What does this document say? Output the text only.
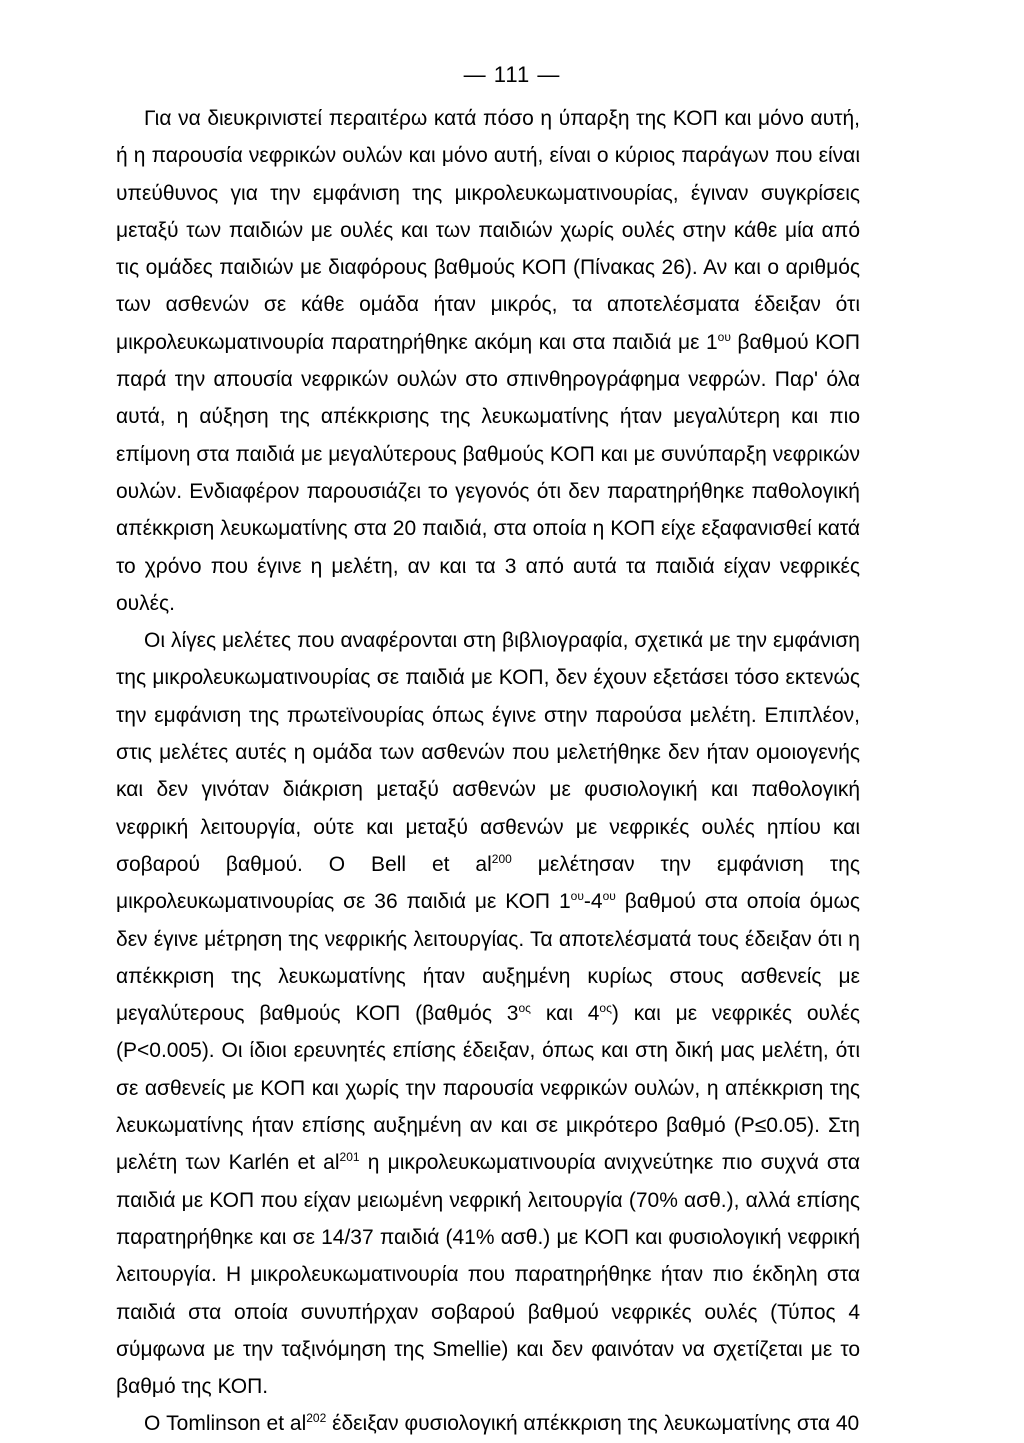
— 111 —

Για να διευκρινιστεί περαιτέρω κατά πόσο η ύπαρξη της ΚΟΠ και μόνο αυτή, ή η παρουσία νεφρικών ουλών και μόνο αυτή, είναι ο κύριος παράγων που είναι υπεύθυνος για την εμφάνιση της μικρολευκωματινουρίας, έγιναν συγκρίσεις μεταξύ των παιδιών με ουλές και των παιδιών χωρίς ουλές στην κάθε μία από τις ομάδες παιδιών με διαφόρους βαθμούς ΚΟΠ (Πίνακας 26). Αν και ο αριθμός των ασθενών σε κάθε ομάδα ήταν μικρός, τα αποτελέσματα έδειξαν ότι μικρολευκωματινουρία παρατηρήθηκε ακόμη και στα παιδιά με $1^{o\upsilon}$ βαθμού ΚΟΠ παρά την απουσία νεφρικών ουλών στο σπινθηρογράφημα νεφρών. Παρ' όλα αυτά, η αύξηση της απέκκρισης της λευκωματίνης ήταν μεγαλύτερη και πιο επίμονη στα παιδιά με μεγαλύτερους βαθμούς ΚΟΠ και με συνύπαρξη νεφρικών ουλών. Ενδιαφέρον παρουσιάζει το γεγονός ότι δεν παρατηρήθηκε παθολογική απέκκριση λευκωματίνης στα 20 παιδιά, στα οποία η ΚΟΠ είχε εξαφανισθεί κατά το χρόνο που έγινε η μελέτη, αν και τα 3 από αυτά τα παιδιά είχαν νεφρικές ουλές.

Οι λίγες μελέτες που αναφέρονται στη βιβλιογραφία, σχετικά με την εμφάνιση της μικρολευκωματινουρίας σε παιδιά με ΚΟΠ, δεν έχουν εξετάσει τόσο εκτενώς την εμφάνιση της πρωτεϊνουρίας όπως έγινε στην παρούσα μελέτη. Επιπλέον, στις μελέτες αυτές η ομάδα των ασθενών που μελετήθηκε δεν ήταν ομοιογενής και δεν γινόταν διάκριση μεταξύ ασθενών με φυσιολογική και παθολογική νεφρική λειτουργία, ούτε και μεταξύ ασθενών με νεφρικές ουλές ηπίου και σοβαρού βαθμού. Ο Bell et $al^{200}$ μελέτησαν την εμφάνιση της μικρολευκωματινουρίας σε 36 παιδιά με ΚΟΠ $1^{o\upsilon}-4^{o\upsilon}$ βαθμού στα οποία όμως δεν έγινε μέτρηση της νεφρικής λειτουργίας. Τα αποτελέσματά τους έδειξαν ότι η απέκκριση της λευκωματίνης ήταν αυξημένη κυρίως στους ασθενείς με μεγαλύτερους βαθμούς ΚΟΠ (βαθμός $3^{o\varsigma}$ και $4^{o\varsigma}$) και με νεφρικές ουλές (P<0.005). Οι ίδιοι ερευνητές επίσης έδειξαν, όπως και στη δική μας μελέτη, ότι σε ασθενείς με ΚΟΠ και χωρίς την παρουσία νεφρικών ουλών, η απέκκριση της λευκωματίνης ήταν επίσης αυξημένη αν και σε μικρότερο βαθμό (P≤0.05). Στη μελέτη των Karlén et $al^{201}$ η μικρολευκωματινουρία ανιχνεύτηκε πιο συχνά στα παιδιά με ΚΟΠ που είχαν μειωμένη νεφρική λειτουργία (70% ασθ.), αλλά επίσης παρατηρήθηκε και σε 14/37 παιδιά (41% ασθ.) με ΚΟΠ και φυσιολογική νεφρική λειτουργία. Η μικρολευκωματινουρία που παρατηρήθηκε ήταν πιο έκδηλη στα παιδιά στα οποία συνυπήρχαν σοβαρού βαθμού νεφρικές ουλές (Τύπος 4 σύμφωνα με την ταξινόμηση της Smellie) και δεν φαινόταν να σχετίζεται με το βαθμό της ΚΟΠ.

Ο Tomlinson et $al^{202}$ έδειξαν φυσιολογική απέκκριση της λευκωματίνης στα 40
